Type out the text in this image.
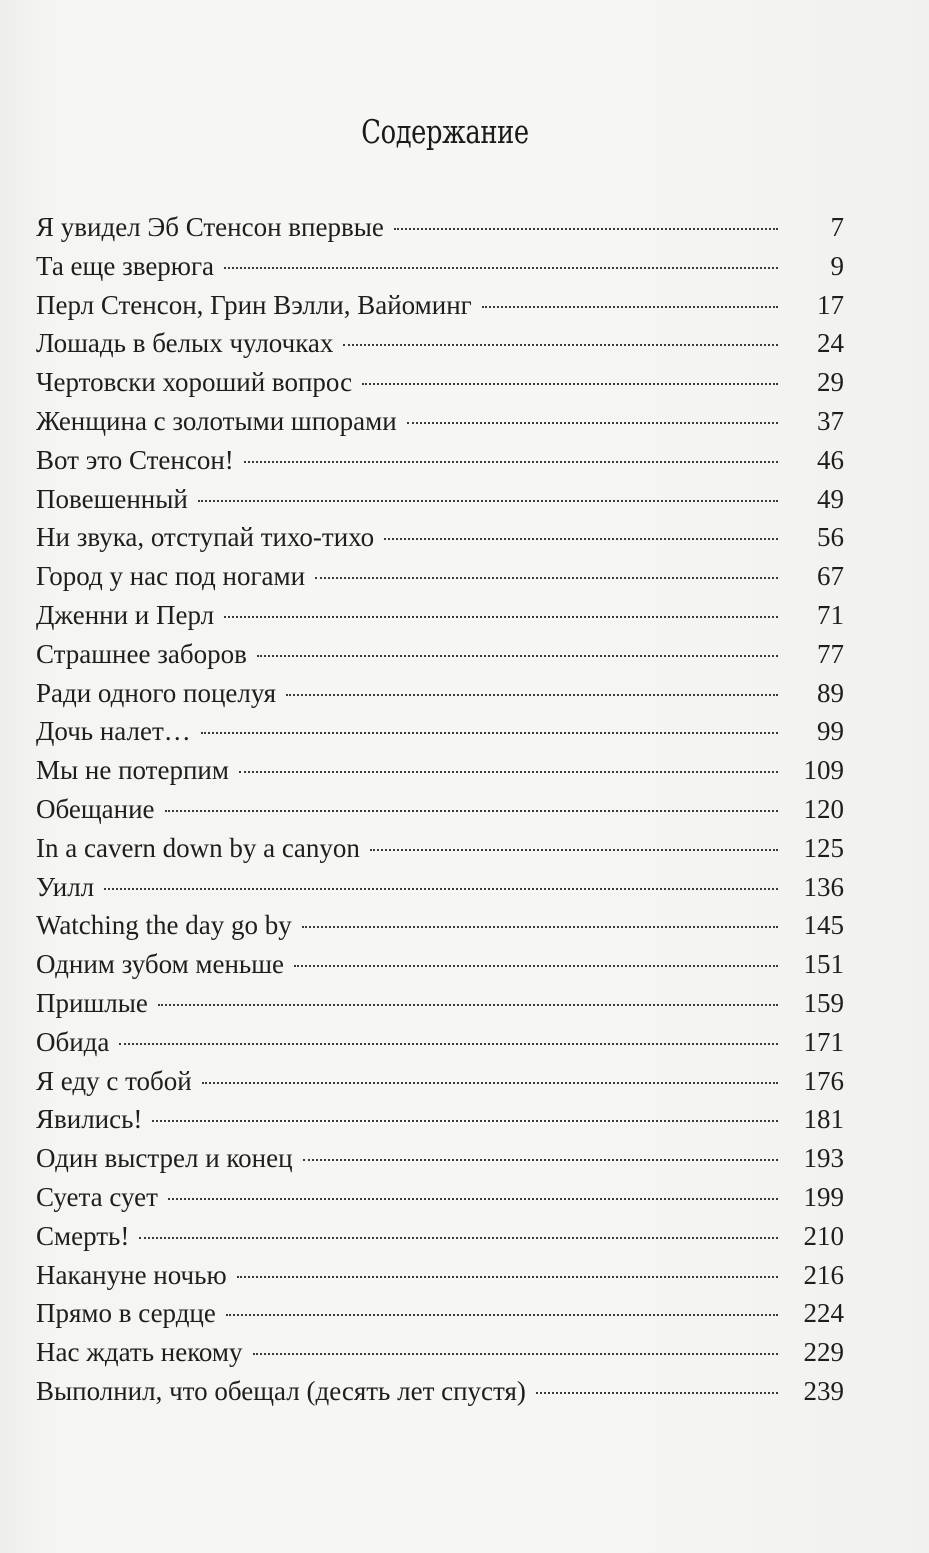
Содержание
Я увидел Эб Стенсон впервые	7
Та еще зверюга	9
Перл Стенсон, Грин Вэлли, Вайоминг	17
Лошадь в белых чулочках	24
Чертовски хороший вопрос	29
Женщина с золотыми шпорами	37
Вот это Стенсон!	46
Повешенный	49
Ни звука, отступай тихо-тихо	56
Город у нас под ногами	67
Дженни и Перл	71
Страшнее заборов	77
Ради одного поцелуя	89
Дочь налет…	99
Мы не потерпим	109
Обещание	120
In a cavern down by a canyon	125
Уилл	136
Watching the day go by	145
Одним зубом меньше	151
Пришлые	159
Обида	171
Я еду с тобой	176
Явились!	181
Один выстрел и конец	193
Суета сует	199
Смерть!	210
Накануне ночью	216
Прямо в сердце	224
Нас ждать некому	229
Выполнил, что обещал (десять лет спустя)	239
